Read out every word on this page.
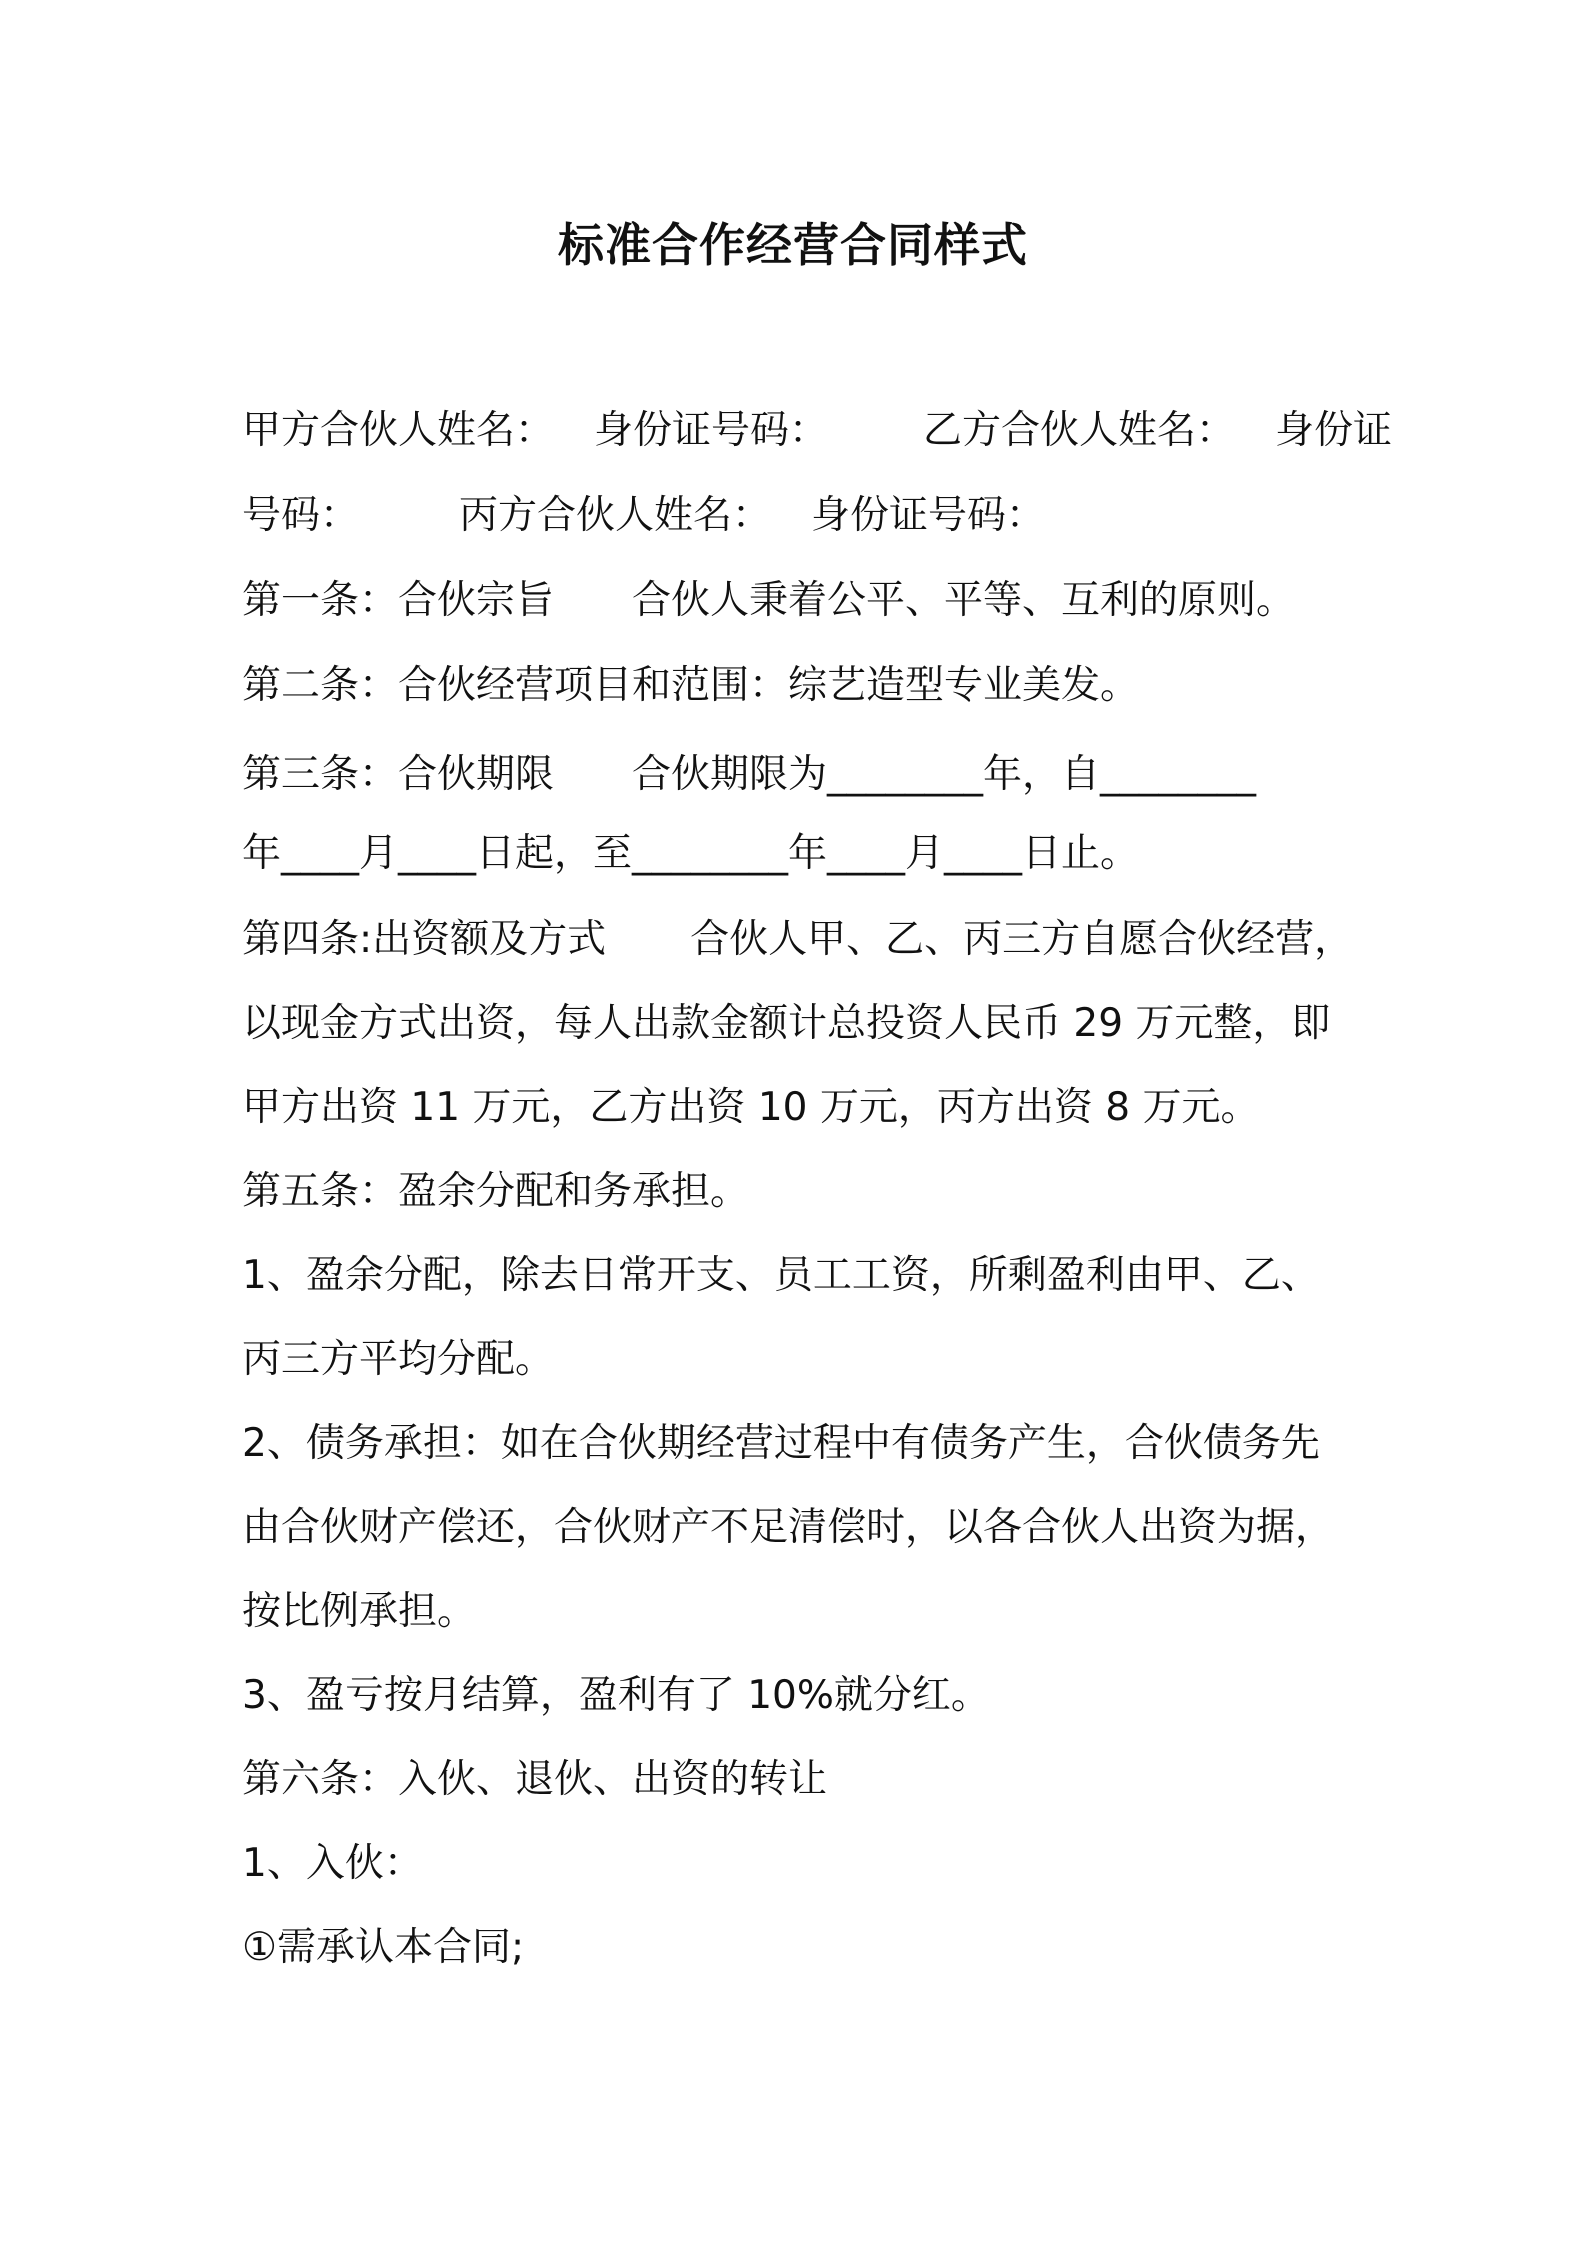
标准合作经营合同样式
甲方合伙人姓名： 身份证号码： 乙方合伙人姓名： 身份证
号码：	丙方合伙人姓名： 身份证号码：
第一条：合伙宗旨 合伙人秉着公平、平等、互利的原则。
第二条：合伙经营项目和范围：综艺造型专业美发。
第三条：合伙期限 合伙期限为________年，自________
年____月____日起，至________年____月____日止。
第四条:出资额及方式 合伙人甲、乙、丙三方自愿合伙经营，
以现金方式出资，每人出款金额计总投资人民币 29 万元整，即
甲方出资 11 万元，乙方出资 10 万元，丙方出资 8 万元。
第五条：盈余分配和务承担。
1、盈余分配，除去日常开支、员工工资，所剩盈利由甲、乙、
丙三方平均分配。
2、债务承担：如在合伙期经营过程中有债务产生，合伙债务先
由合伙财产偿还，合伙财产不足清偿时，以各合伙人出资为据，
按比例承担。
3、盈亏按月结算，盈利有了 10%就分红。
第六条：入伙、退伙、出资的转让
1、入伙：
①需承认本合同;
